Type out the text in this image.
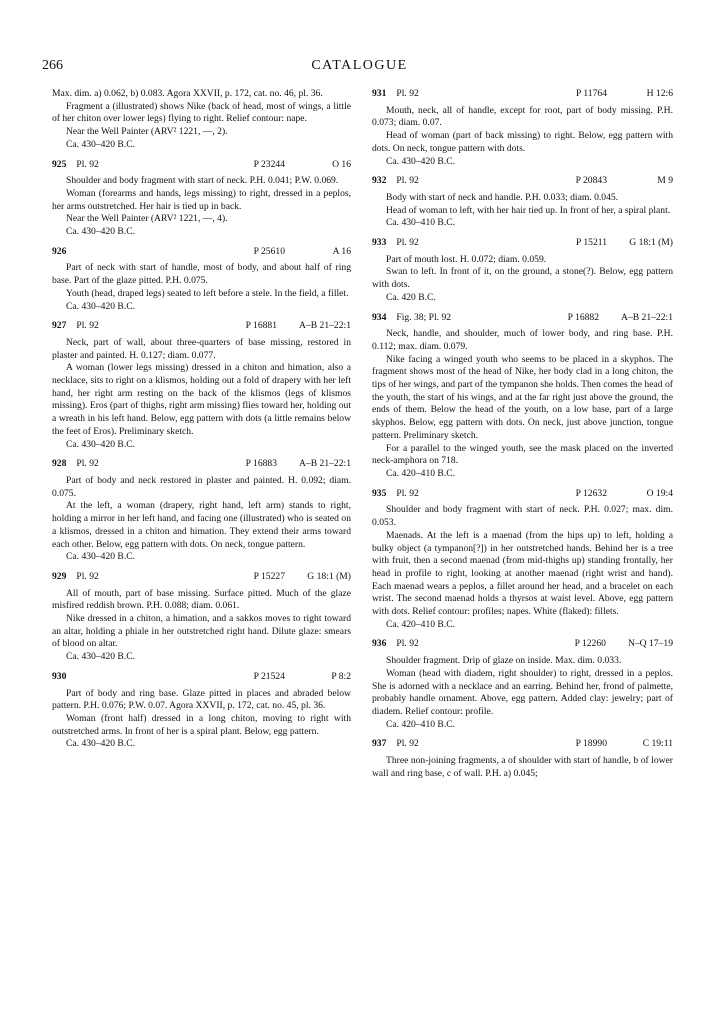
266	CATALOGUE

Max. dim. a) 0.062, b) 0.083. Agora XXVII, p. 172, cat. no. 46, pl. 36.

Fragment a (illustrated) shows Nike (back of head, most of wings, a little of her chiton over lower legs) flying to right. Relief contour: nape.

Near the Well Painter (ARV² 1221, —, 2).

Ca. 430–420 B.C.

925 Pl. 92	P 23244	O 16

Shoulder and body fragment with start of neck. P.H. 0.041; P.W. 0.069.

Woman (forearms and hands, legs missing) to right, dressed in a peplos, her arms outstretched. Her hair is tied up in back.

Near the Well Painter (ARV² 1221, —, 4).

Ca. 430–420 B.C.

926	P 25610	A 16

Part of neck with start of handle, most of body, and about half of ring base. Part of the glaze pitted. P.H. 0.075.

Youth (head, draped legs) seated to left before a stele. In the field, a fillet.

Ca. 430–420 B.C.

927 Pl. 92	P 16881 A–B 21–22:1

Neck, part of wall, about three-quarters of base missing, restored in plaster and painted. H. 0.127; diam. 0.077.

A woman (lower legs missing) dressed in a chiton and himation, also a necklace, sits to right on a klismos, holding out a fold of drapery with her left hand, her right arm resting on the back of the klismos (legs of klismos missing). Eros (part of thighs, right arm missing) flies toward her, holding out a wreath in his left hand. Below, egg pattern with dots (a little remains below the feet of Eros). Preliminary sketch.

Ca. 430–420 B.C.

928 Pl. 92	P 16883 A–B 21–22:1

Part of body and neck restored in plaster and painted. H. 0.092; diam. 0.075.

At the left, a woman (drapery, right hand, left arm) stands to right, holding a mirror in her left hand, and facing one (illustrated) who is seated on a klismos, dressed in a chiton and himation. They extend their arms toward each other. Below, egg pattern with dots. On neck, tongue pattern.

Ca. 430–420 B.C.

929 Pl. 92	P 15227 G 18:1 (M)

All of mouth, part of base missing. Surface pitted. Much of the glaze misfired reddish brown. P.H. 0.088; diam. 0.061.

Nike dressed in a chiton, a himation, and a sakkos moves to right toward an altar, holding a phiale in her outstretched right hand. Dilute glaze: smears of blood on altar.

Ca. 430–420 B.C.

930	P 21524	P 8:2

Part of body and ring base. Glaze pitted in places and abraded below pattern. P.H. 0.076; P.W. 0.07. Agora XXVII, p. 172, cat. no. 45, pl. 36.

Woman (front half) dressed in a long chiton, moving to right with outstretched arms. In front of her is a spiral plant. Below, egg pattern.

Ca. 430–420 B.C.

931 Pl. 92	P 11764	H 12:6

Mouth, neck, all of handle, except for root, part of body missing. P.H. 0.073; diam. 0.07.

Head of woman (part of back missing) to right. Below, egg pattern with dots. On neck, tongue pattern with dots.

Ca. 430–420 B.C.

932 Pl. 92	P 20843	M 9

Body with start of neck and handle. P.H. 0.033; diam. 0.045.

Head of woman to left, with her hair tied up. In front of her, a spiral plant.

Ca. 430–410 B.C.

933 Pl. 92	P 15211 G 18:1 (M)

Part of mouth lost. H. 0.072; diam. 0.059.

Swan to left. In front of it, on the ground, a stone(?). Below, egg pattern with dots.

Ca. 420 B.C.

934 Fig. 38; Pl. 92	P 16882 A–B 21–22:1

Neck, handle, and shoulder, much of lower body, and ring base. P.H. 0.112; max. diam. 0.079.

Nike facing a winged youth who seems to be placed in a skyphos. The fragment shows most of the head of Nike, her body clad in a long chiton, the tips of her wings, and part of the tympanon she holds. Then comes the head of the youth, the start of his wings, and at the far right just above the ground, the ends of them. Below the head of the youth, on a low base, part of a large skyphos. Below, egg pattern with dots. On neck, just above junction, tongue pattern. Preliminary sketch.

For a parallel to the winged youth, see the mask placed on the inverted neck-amphora on 718.

Ca. 420–410 B.C.

935 Pl. 92	P 12632	O 19:4

Shoulder and body fragment with start of neck. P.H. 0.027; max. dim. 0.053.

Maenads. At the left is a maenad (from the hips up) to left, holding a bulky object (a tympanon[?]) in her outstretched hands. Behind her is a tree with fruit, then a second maenad (from mid-thighs up) standing frontally, her head in profile to right, looking at another maenad (right wrist and hand). Each maenad wears a peplos, a fillet around her head, and a bracelet on each wrist. The second maenad holds a thyrsos at waist level. Above, egg pattern with dots. Relief contour: profiles; napes. White (flaked): fillets.

Ca. 420–410 B.C.

936 Pl. 92	P 12260 N–Q 17–19

Shoulder fragment. Drip of glaze on inside. Max. dim. 0.033.

Woman (head with diadem, right shoulder) to right, dressed in a peplos. She is adorned with a necklace and an earring. Behind her, frond of palmette, probably handle ornament. Above, egg pattern. Added clay: jewelry; part of diadem. Relief contour: profile.

Ca. 420–410 B.C.

937 Pl. 92	P 18990	C 19:11

Three non-joining fragments, a of shoulder with start of handle, b of lower wall and ring base, c of wall. P.H. a) 0.045;
